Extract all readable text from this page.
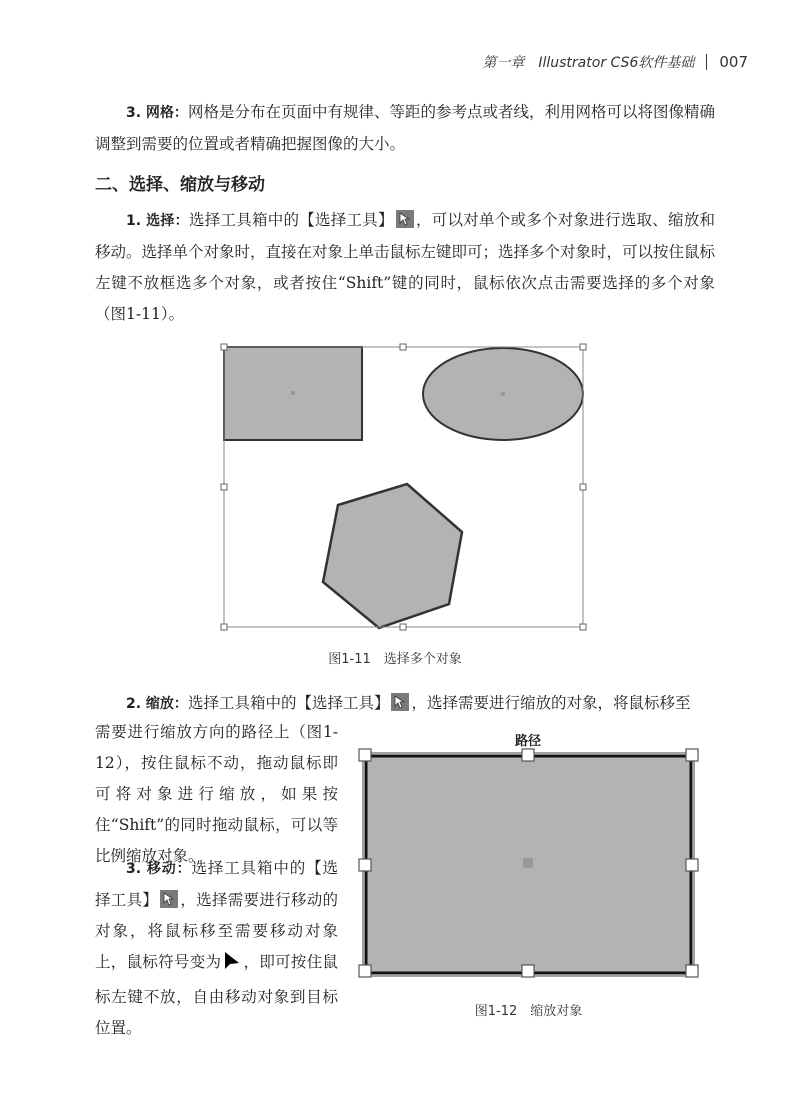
第一章　Illustrator CS6软件基础 007

3. 网格：网格是分布在页面中有规律、等距的参考点或者线，利用网格可以将图像精确调整到需要的位置或者精确把握图像的大小。

二、选择、缩放与移动

1. 选择：选择工具箱中的【选择工具】 ，可以对单个或多个对象进行选取、缩放和移动。选择单个对象时，直接在对象上单击鼠标左键即可；选择多个对象时，可以按住鼠标左键不放框选多个对象，或者按住“Shift”键的同时，鼠标依次点击需要选择的多个对象（图1-11）。

图1-11　选择多个对象

2. 缩放：选择工具箱中的【选择工具】 ，选择需要进行缩放的对象，将鼠标移至

需要进行缩放方向的路径上（图1-12），按住鼠标不动，拖动鼠标即可将对象进行缩放，如果按住“Shift”的同时拖动鼠标，可以等比例缩放对象。
3. 移动：选择工具箱中的【选择工具】 ，选择需要进行移动的对象，将鼠标移至需要移动对象上，鼠标符号变为 ，即可按住鼠标左键不放，自由移动对象到目标位置。
路径
图1-12　缩放对象
